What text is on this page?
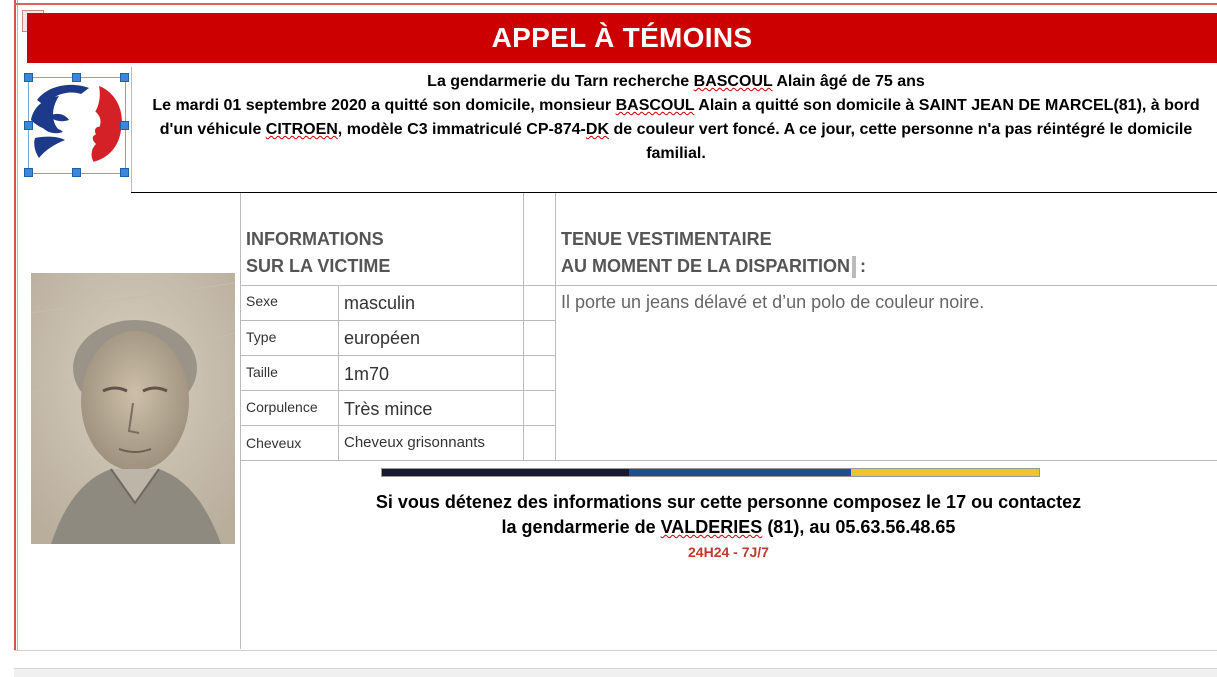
APPEL À TÉMOINS
La gendarmerie du Tarn recherche BASCOUL Alain âgé de 75 ans
Le mardi 01 septembre 2020 a quitté son domicile, monsieur BASCOUL Alain a quitté son domicile à SAINT JEAN DE MARCEL(81), à bord d'un véhicule CITROEN, modèle C3 immatriculé CP-874-DK de couleur vert foncé. A ce jour, cette personne n'a pas réintégré le domicile familial.
INFORMATIONS
SUR LA VICTIME
TENUE VESTIMENTAIRE
AU MOMENT DE LA DISPARITION :
Sexe	masculin
Type	européen
Taille	1m70
Corpulence Très mince
Cheveux	Cheveux grisonnants
Il porte un jeans délavé et d’un polo de couleur noire.
Si vous détenez des informations sur cette personne composez le 17 ou contactez
la gendarmerie de VALDERIES (81), au 05.63.56.48.65
24H24 - 7J/7
